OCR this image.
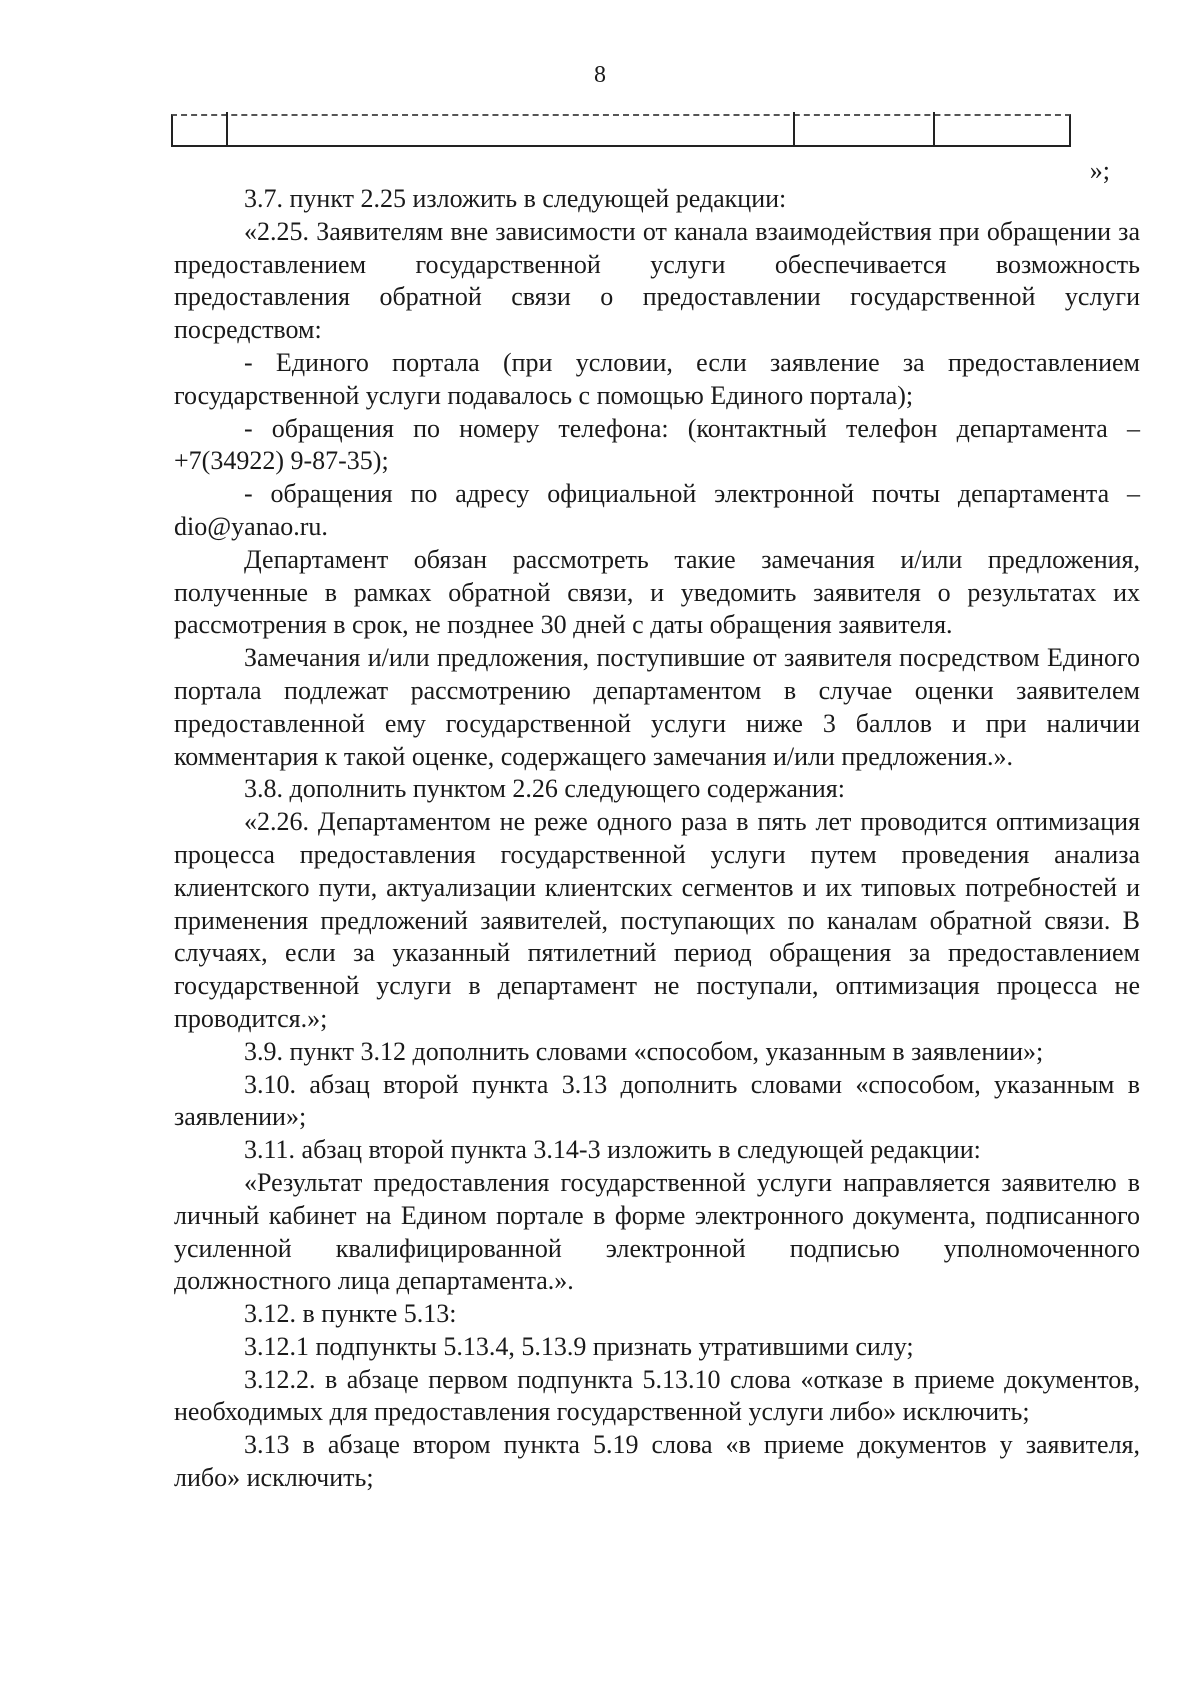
8
»;

3.7. пункт 2.25 изложить в следующей редакции:

«2.25. Заявителям вне зависимости от канала взаимодействия при обращении за предоставлением государственной услуги обеспечивается возможность предоставления обратной связи о предоставлении государственной услуги посредством:

- Единого портала (при условии, если заявление за предоставлением государственной услуги подавалось с помощью Единого портала);

- обращения по номеру телефона: (контактный телефон департамента – +7(34922) 9-87-35);

- обращения по адресу официальной электронной почты департамента – dio@yanao.ru.

Департамент обязан рассмотреть такие замечания и/или предложения, полученные в рамках обратной связи, и уведомить заявителя о результатах их рассмотрения в срок, не позднее 30 дней с даты обращения заявителя.

Замечания и/или предложения, поступившие от заявителя посредством Единого портала подлежат рассмотрению департаментом в случае оценки заявителем предоставленной ему государственной услуги ниже 3 баллов и при наличии комментария к такой оценке, содержащего замечания и/или предложения.».

3.8. дополнить пунктом 2.26 следующего содержания:

«2.26. Департаментом не реже одного раза в пять лет проводится оптимизация процесса предоставления государственной услуги путем проведения анализа клиентского пути, актуализации клиентских сегментов и их типовых потребностей и применения предложений заявителей, поступающих по каналам обратной связи. В случаях, если за указанный пятилетний период обращения за предоставлением государственной услуги в департамент не поступали, оптимизация процесса не проводится.»;

3.9. пункт 3.12 дополнить словами «способом, указанным в заявлении»;

3.10. абзац второй пункта 3.13 дополнить словами «способом, указанным в заявлении»;

3.11. абзац второй пункта 3.14-3 изложить в следующей редакции:

«Результат предоставления государственной услуги направляется заявителю в личный кабинет на Едином портале в форме электронного документа, подписанного усиленной квалифицированной электронной подписью уполномоченного должностного лица департамента.».

3.12. в пункте 5.13:

3.12.1 подпункты 5.13.4, 5.13.9 признать утратившими силу;

3.12.2. в абзаце первом подпункта 5.13.10 слова «отказе в приеме документов, необходимых для предоставления государственной услуги либо» исключить;

3.13 в абзаце втором пункта 5.19 слова «в приеме документов у заявителя, либо» исключить;
